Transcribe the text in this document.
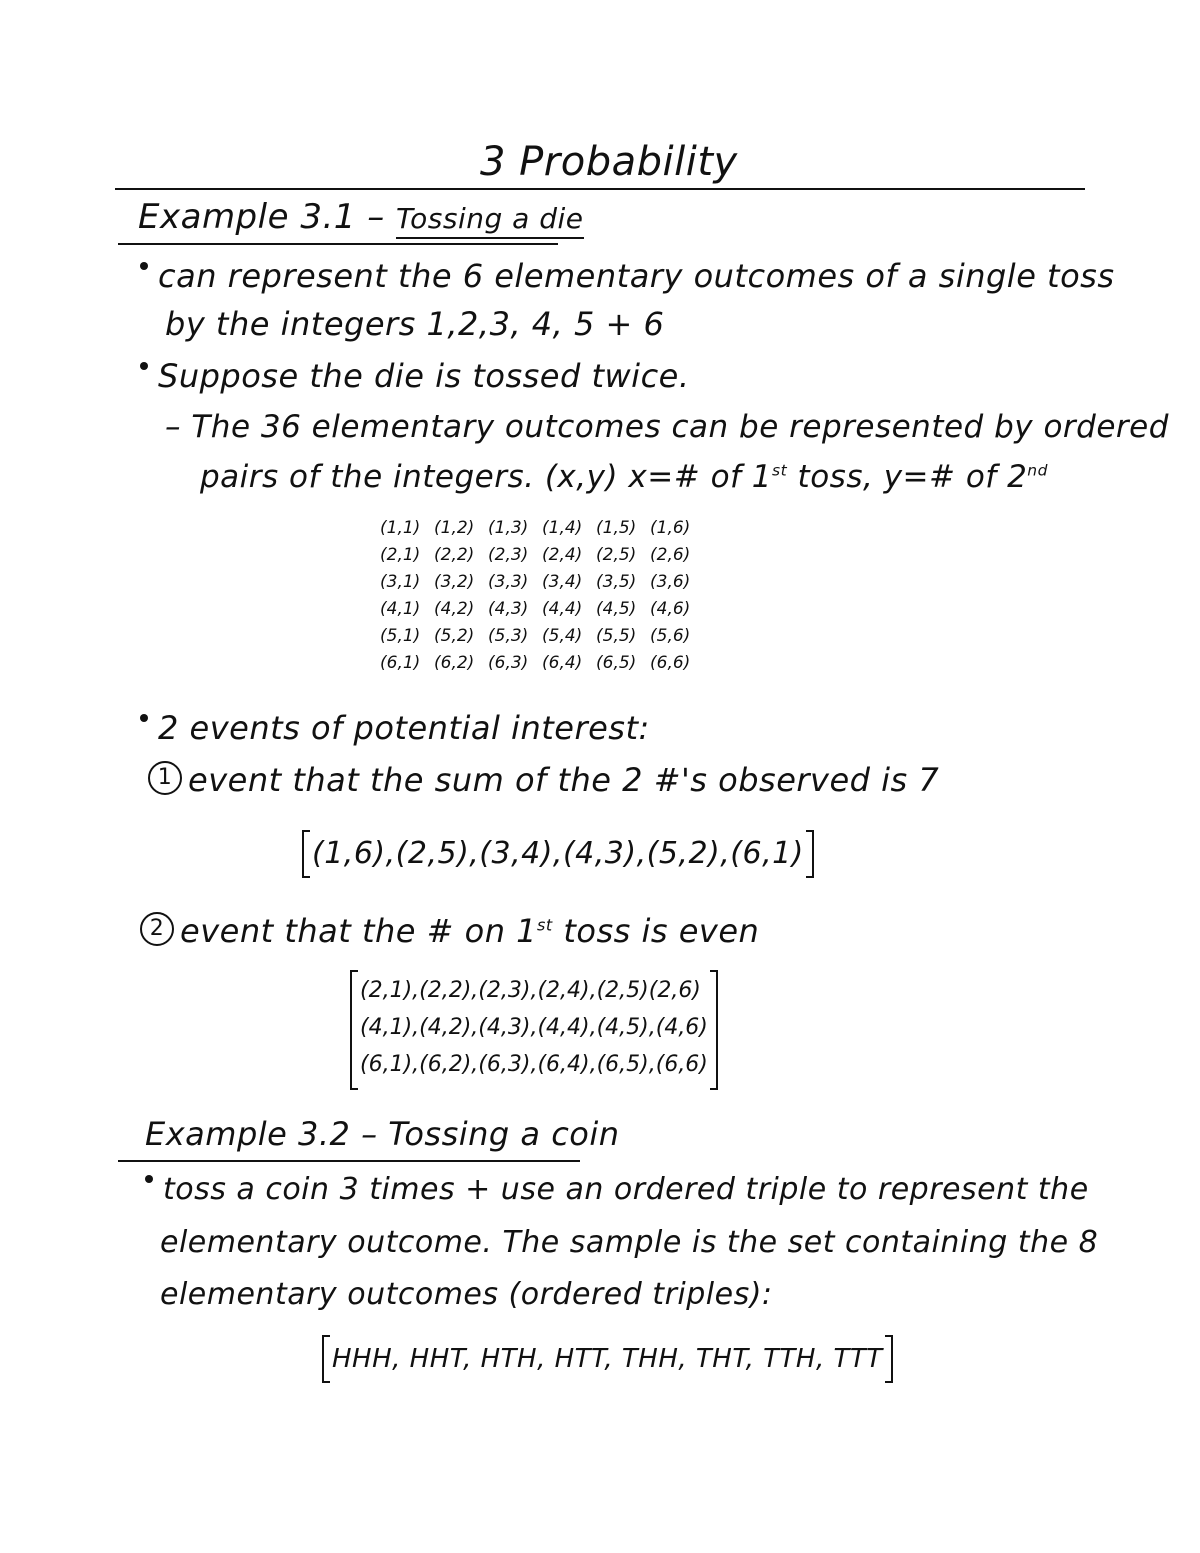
3 Probability
Example 3.1 – Tossing a die
can represent the 6 elementary outcomes of a single toss
by the integers 1,2,3, 4, 5 + 6
Suppose the die is tossed twice.
– The 36 elementary outcomes can be represented by ordered
pairs of the integers. (x,y) x=# of 1st toss, y=# of 2nd
(1,1) (1,2) (1,3) (1,4) (1,5) (1,6)
(2,1) (2,2) (2,3) (2,4) (2,5) (2,6)
(3,1) (3,2) (3,3) (3,4) (3,5) (3,6)
(4,1) (4,2) (4,3) (4,4) (4,5) (4,6)
(5,1) (5,2) (5,3) (5,4) (5,5) (5,6)
(6,1) (6,2) (6,3) (6,4) (6,5) (6,6)
2 events of potential interest:
1 event that the sum of the 2 #'s observed is 7
(1,6),(2,5),(3,4),(4,3),(5,2),(6,1)
2 event that the # on 1st toss is even
(2,1),(2,2),(2,3),(2,4),(2,5)(2,6)
(4,1),(4,2),(4,3),(4,4),(4,5),(4,6)
(6,1),(6,2),(6,3),(6,4),(6,5),(6,6)
Example 3.2 – Tossing a coin
toss a coin 3 times + use an ordered triple to represent the
elementary outcome. The sample is the set containing the 8
elementary outcomes (ordered triples):
HHH, HHT, HTH, HTT, THH, THT, TTH, TTT
